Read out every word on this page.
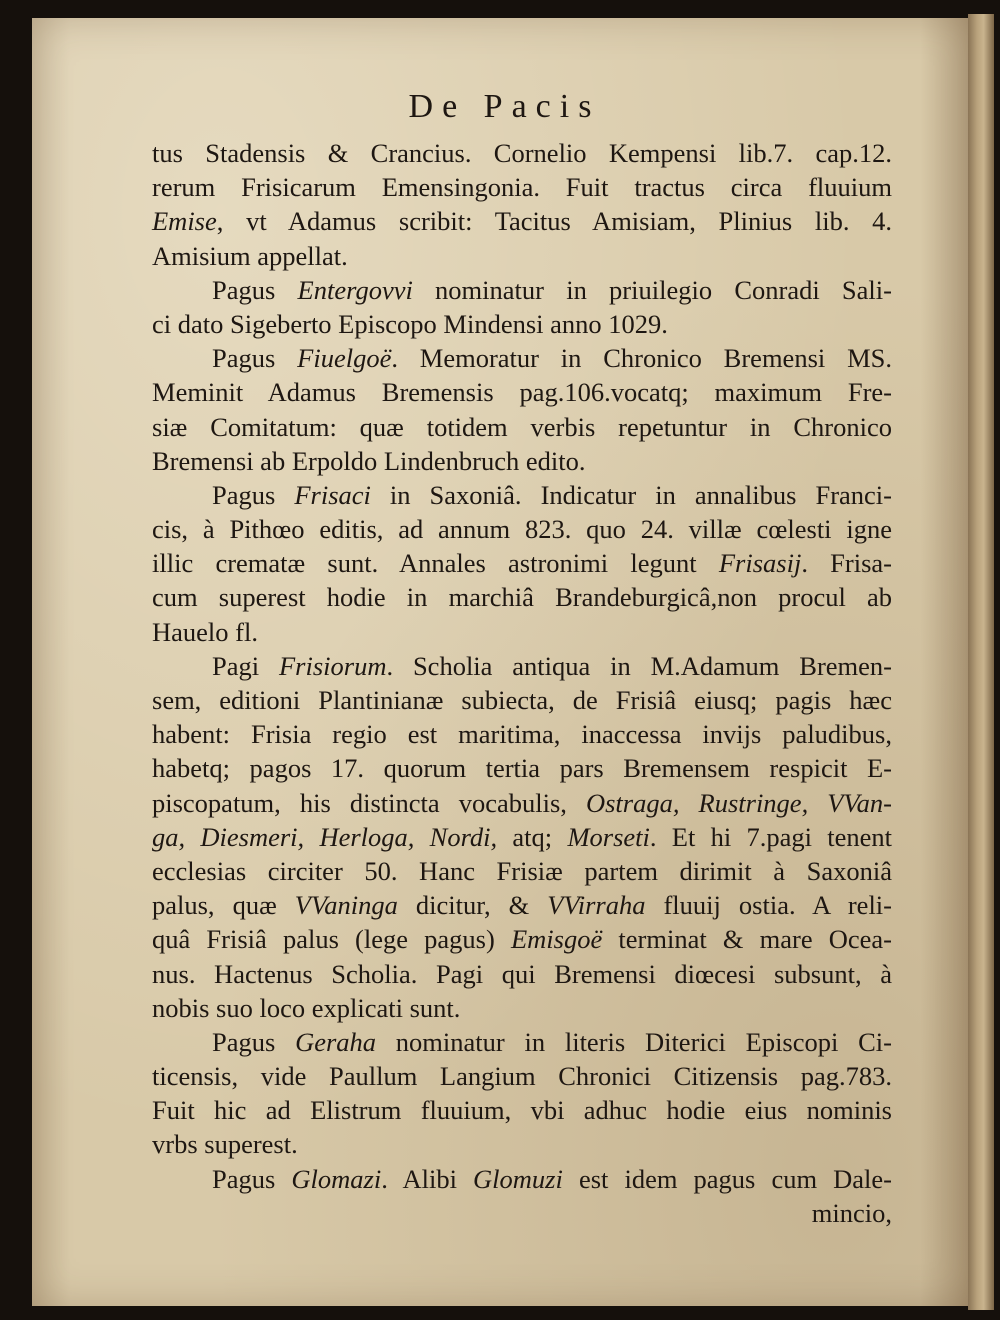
De Pacis
tus Stadensis & Crancius. Cornelio Kempensi lib.7. cap.12.
rerum Frisicarum Emensingonia. Fuit tractus circa fluuium
Emise, vt Adamus scribit: Tacitus Amisiam, Plinius lib. 4.
Amisium appellat.
Pagus Entergovvi nominatur in priuilegio Conradi Sali-
ci dato Sigeberto Episcopo Mindensi anno 1029.
Pagus Fiuelgoë. Memoratur in Chronico Bremensi MS.
Meminit Adamus Bremensis pag.106.vocatq; maximum Fre-
siæ Comitatum: quæ totidem verbis repetuntur in Chronico
Bremensi ab Erpoldo Lindenbruch edito.
Pagus Frisaci in Saxoniâ. Indicatur in annalibus Franci-
cis, à Pithœo editis, ad annum 823. quo 24. villæ cœlesti igne
illic crematæ sunt. Annales astronimi legunt Frisasij. Frisa-
cum superest hodie in marchiâ Brandeburgicâ,non procul ab
Hauelo fl.
Pagi Frisiorum. Scholia antiqua in M.Adamum Bremen-
sem, editioni Plantinianæ subiecta, de Frisiâ eiusq; pagis hæc
habent: Frisia regio est maritima, inaccessa invijs paludibus,
habetq; pagos 17. quorum tertia pars Bremensem respicit E-
piscopatum, his distincta vocabulis, Ostraga, Rustringe, VVan-
ga, Diesmeri, Herloga, Nordi, atq; Morseti. Et hi 7.pagi tenent
ecclesias circiter 50. Hanc Frisiæ partem dirimit à Saxoniâ
palus, quæ VVaninga dicitur, & VVirraha fluuij ostia. A reli-
quâ Frisiâ palus (lege pagus) Emisgoë terminat & mare Ocea-
nus. Hactenus Scholia. Pagi qui Bremensi diœcesi subsunt, à
nobis suo loco explicati sunt.
Pagus Geraha nominatur in literis Diterici Episcopi Ci-
ticensis, vide Paullum Langium Chronici Citizensis pag.783.
Fuit hic ad Elistrum fluuium, vbi adhuc hodie eius nominis
vrbs superest.
Pagus Glomazi. Alibi Glomuzi est idem pagus cum Dale-
mincio,
